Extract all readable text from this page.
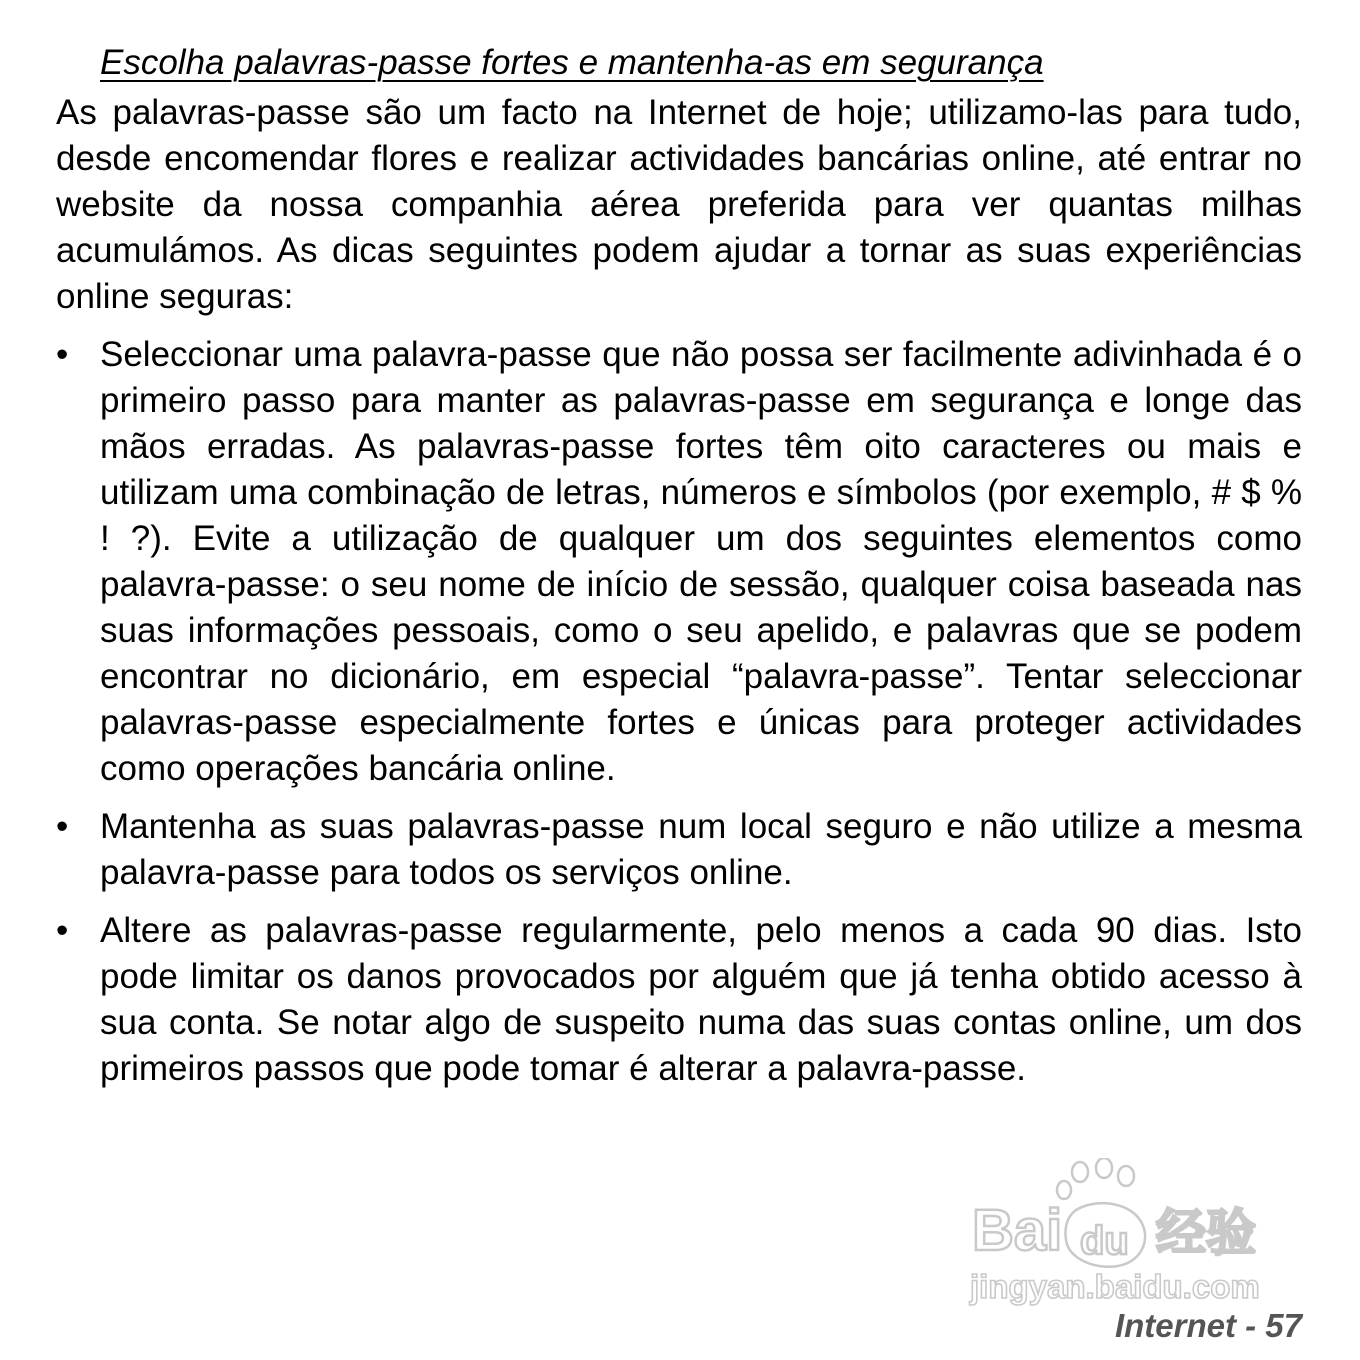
Escolha palavras-passe fortes e mantenha-as em segurança

As palavras-passe são um facto na Internet de hoje; utilizamo-las para tudo, desde encomendar flores e realizar actividades bancárias online, até entrar no website da nossa companhia aérea preferida para ver quantas milhas acumulámos. As dicas seguintes podem ajudar a tornar as suas experiências online seguras:

• Seleccionar uma palavra-passe que não possa ser facilmente adivinhada é o primeiro passo para manter as palavras-passe em segurança e longe das mãos erradas. As palavras-passe fortes têm oito caracteres ou mais e utilizam uma combinação de letras, números e símbolos (por exemplo, # $ % ! ?). Evite a utilização de qualquer um dos seguintes elementos como palavra-passe: o seu nome de início de sessão, qualquer coisa baseada nas suas informações pessoais, como o seu apelido, e palavras que se podem encontrar no dicionário, em especial “palavra-passe”. Tentar seleccionar palavras-passe especialmente fortes e únicas para proteger actividades como operações bancária online.
• Mantenha as suas palavras-passe num local seguro e não utilize a mesma palavra-passe para todos os serviços online.
• Altere as palavras-passe regularmente, pelo menos a cada 90 dias. Isto pode limitar os danos provocados por alguém que já tenha obtido acesso à sua conta. Se notar algo de suspeito numa das suas contas online, um dos primeiros passos que pode tomar é alterar a palavra-passe.
Bai du 经验
jingyan.baidu.com
Internet - 57
